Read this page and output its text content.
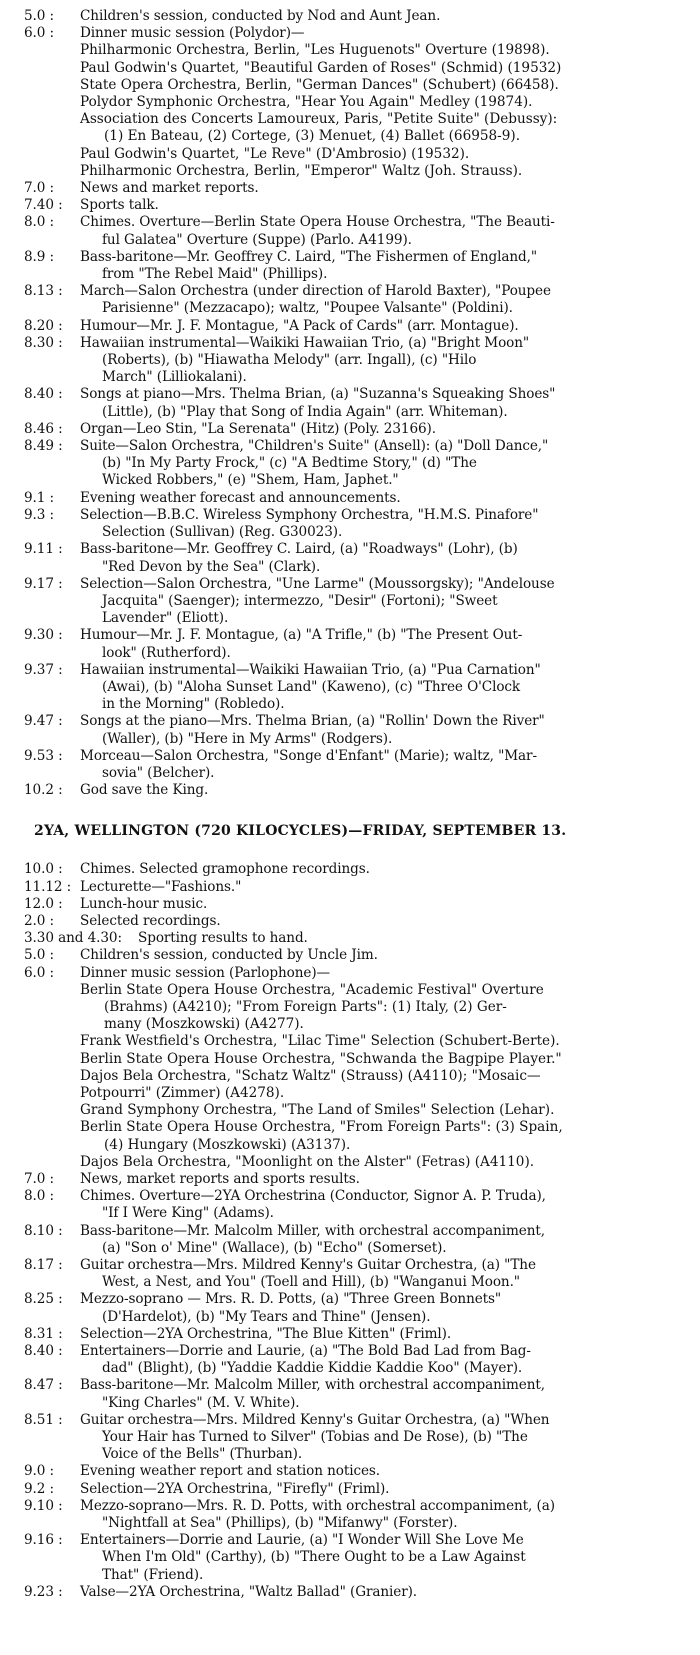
5.0 :	Children's session, conducted by Nod and Aunt Jean.
6.0 :	Dinner music session (Polydor)—
Philharmonic Orchestra, Berlin, "Les Huguenots" Overture (19898).
Paul Godwin's Quartet, "Beautiful Garden of Roses" (Schmid) (19532)
State Opera Orchestra, Berlin, "German Dances" (Schubert) (66458).
Polydor Symphonic Orchestra, "Hear You Again" Medley (19874).
Association des Concerts Lamoureux, Paris, "Petite Suite" (Debussy):
(1) En Bateau, (2) Cortege, (3) Menuet, (4) Ballet (66958-9).
Paul Godwin's Quartet, "Le Reve" (D'Ambrosio) (19532).
Philharmonic Orchestra, Berlin, "Emperor" Waltz (Joh. Strauss).
7.0 :	News and market reports.
7.40 :	Sports talk.
8.0 :	Chimes. Overture—Berlin State Opera House Orchestra, "The Beauti-
ful Galatea" Overture (Suppe) (Parlo. A4199).
8.9 :	Bass-baritone—Mr. Geoffrey C. Laird, "The Fishermen of England,"
from "The Rebel Maid" (Phillips).
8.13 :	March—Salon Orchestra (under direction of Harold Baxter), "Poupee
Parisienne" (Mezzacapo); waltz, "Poupee Valsante" (Poldini).
8.20 :	Humour—Mr. J. F. Montague, "A Pack of Cards" (arr. Montague).
8.30 :	Hawaiian instrumental—Waikiki Hawaiian Trio, (a) "Bright Moon"
(Roberts), (b) "Hiawatha Melody" (arr. Ingall), (c) "Hilo
March" (Lilliokalani).
8.40 :	Songs at piano—Mrs. Thelma Brian, (a) "Suzanna's Squeaking Shoes"
(Little), (b) "Play that Song of India Again" (arr. Whiteman).
8.46 :	Organ—Leo Stin, "La Serenata" (Hitz) (Poly. 23166).
8.49 :	Suite—Salon Orchestra, "Children's Suite" (Ansell): (a) "Doll Dance,"
(b) "In My Party Frock," (c) "A Bedtime Story," (d) "The
Wicked Robbers," (e) "Shem, Ham, Japhet."
9.1 :	Evening weather forecast and announcements.
9.3 :	Selection—B.B.C. Wireless Symphony Orchestra, "H.M.S. Pinafore"
Selection (Sullivan) (Reg. G30023).
9.11 :	Bass-baritone—Mr. Geoffrey C. Laird, (a) "Roadways" (Lohr), (b)
"Red Devon by the Sea" (Clark).
9.17 :	Selection—Salon Orchestra, "Une Larme" (Moussorgsky); "Andelouse
Jacquita" (Saenger); intermezzo, "Desir" (Fortoni); "Sweet
Lavender" (Eliott).
9.30 :	Humour—Mr. J. F. Montague, (a) "A Trifle," (b) "The Present Out-
look" (Rutherford).
9.37 :	Hawaiian instrumental—Waikiki Hawaiian Trio, (a) "Pua Carnation"
(Awai), (b) "Aloha Sunset Land" (Kaweno), (c) "Three O'Clock
in the Morning" (Robledo).
9.47 :	Songs at the piano—Mrs. Thelma Brian, (a) "Rollin' Down the River"
(Waller), (b) "Here in My Arms" (Rodgers).
9.53 :	Morceau—Salon Orchestra, "Songe d'Enfant" (Marie); waltz, "Mar-
sovia" (Belcher).
10.2 :	God save the King.
2YA, WELLINGTON (720 KILOCYCLES)—FRIDAY, SEPTEMBER 13.
10.0 :	Chimes. Selected gramophone recordings.
11.12 : Lecturette—"Fashions."
12.0 :	Lunch-hour music.
2.0 :	Selected recordings.
3.30 and 4.30:	Sporting results to hand.
5.0 :	Children's session, conducted by Uncle Jim.
6.0 :	Dinner music session (Parlophone)—
Berlin State Opera House Orchestra, "Academic Festival" Overture
(Brahms) (A4210); "From Foreign Parts": (1) Italy, (2) Ger-
many (Moszkowski) (A4277).
Frank Westfield's Orchestra, "Lilac Time" Selection (Schubert-Berte).
Berlin State Opera House Orchestra, "Schwanda the Bagpipe Player."
Dajos Bela Orchestra, "Schatz Waltz" (Strauss) (A4110); "Mosaic—
Potpourri" (Zimmer) (A4278).
Grand Symphony Orchestra, "The Land of Smiles" Selection (Lehar).
Berlin State Opera House Orchestra, "From Foreign Parts": (3) Spain,
(4) Hungary (Moszkowski) (A3137).
Dajos Bela Orchestra, "Moonlight on the Alster" (Fetras) (A4110).
7.0 :	News, market reports and sports results.
8.0 :	Chimes. Overture—2YA Orchestrina (Conductor, Signor A. P. Truda),
"If I Were King" (Adams).
8.10 :	Bass-baritone—Mr. Malcolm Miller, with orchestral accompaniment,
(a) "Son o' Mine" (Wallace), (b) "Echo" (Somerset).
8.17 :	Guitar orchestra—Mrs. Mildred Kenny's Guitar Orchestra, (a) "The
West, a Nest, and You" (Toell and Hill), (b) "Wanganui Moon."
8.25 :	Mezzo-soprano — Mrs. R. D. Potts, (a) "Three Green Bonnets"
(D'Hardelot), (b) "My Tears and Thine" (Jensen).
8.31 :	Selection—2YA Orchestrina, "The Blue Kitten" (Friml).
8.40 :	Entertainers—Dorrie and Laurie, (a) "The Bold Bad Lad from Bag-
dad" (Blight), (b) "Yaddie Kaddie Kiddie Kaddie Koo" (Mayer).
8.47 :	Bass-baritone—Mr. Malcolm Miller, with orchestral accompaniment,
"King Charles" (M. V. White).
8.51 :	Guitar orchestra—Mrs. Mildred Kenny's Guitar Orchestra, (a) "When
Your Hair has Turned to Silver" (Tobias and De Rose), (b) "The
Voice of the Bells" (Thurban).
9.0 :	Evening weather report and station notices.
9.2 :	Selection—2YA Orchestrina, "Firefly" (Friml).
9.10 :	Mezzo-soprano—Mrs. R. D. Potts, with orchestral accompaniment, (a)
"Nightfall at Sea" (Phillips), (b) "Mifanwy" (Forster).
9.16 :	Entertainers—Dorrie and Laurie, (a) "I Wonder Will She Love Me
When I'm Old" (Carthy), (b) "There Ought to be a Law Against
That" (Friend).
9.23 :	Valse—2YA Orchestrina, "Waltz Ballad" (Granier).
